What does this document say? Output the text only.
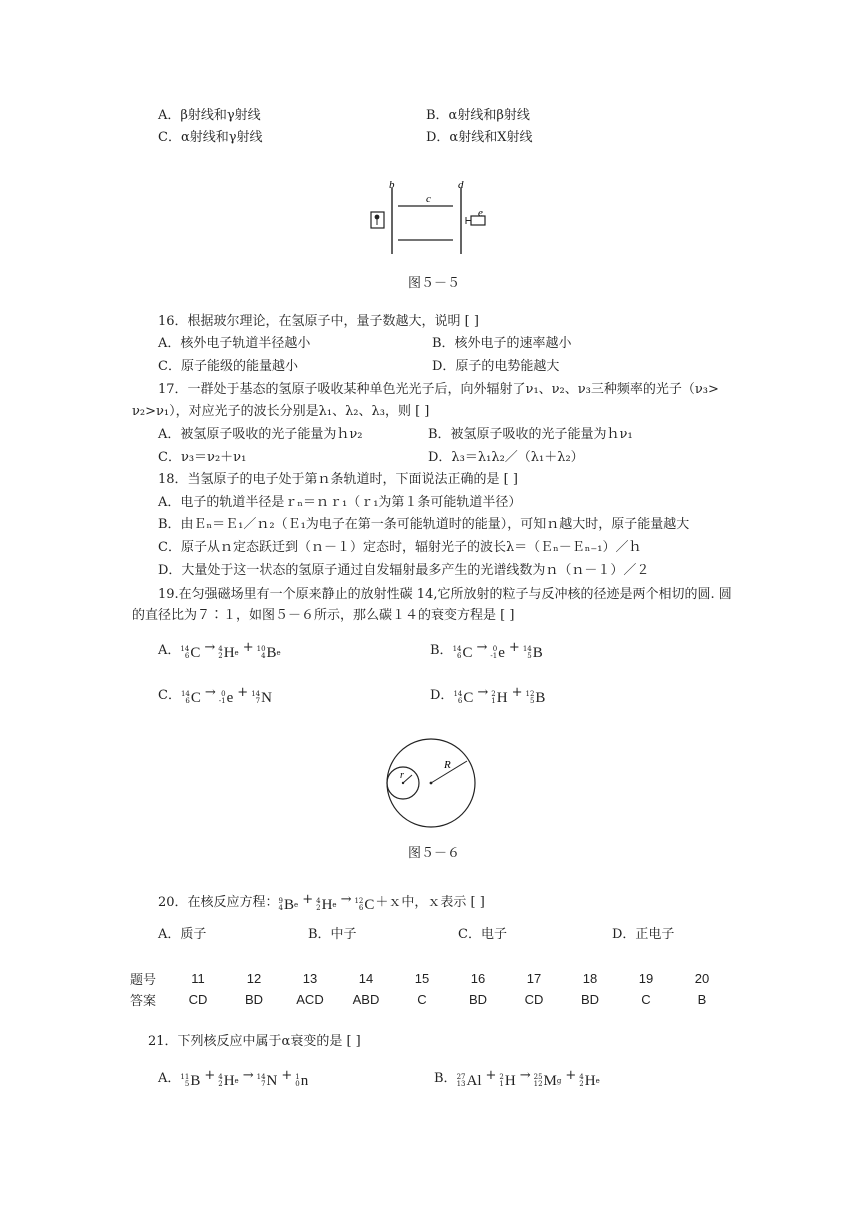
A．β射线和γ射线	B．α射线和β射线
C．α射线和γ射线	D．α射线和X射线
b
c
d
e
图５－５
16．根据玻尔理论，在氢原子中，量子数越大，说明 [ ]
A．核外电子轨道半径越小	B．核外电子的速率越小
C．原子能级的能量越小	D．原子的电势能越大
17．一群处于基态的氢原子吸收某种单色光光子后，向外辐射了ν₁、ν₂、ν₃三种频率的光子（ν₃>
ν₂>ν₁），对应光子的波长分别是λ₁、λ₂、λ₃，则 [ ]
A．被氢原子吸收的光子能量为ｈν₂	B．被氢原子吸收的光子能量为ｈν₁
C．ν₃＝ν₂＋ν₁	D．λ₃＝λ₁λ₂／（λ₁＋λ₂）
18．当氢原子的电子处于第ｎ条轨道时，下面说法正确的是 [ ]
A．电子的轨道半径是ｒₙ＝ｎｒ₁（ｒ₁为第１条可能轨道半径）
B．由Ｅₙ＝Ｅ₁／ｎ₂（Ｅ₁为电子在第一条可能轨道时的能量），可知ｎ越大时，原子能量越大
C．原子从ｎ定态跃迁到（ｎ－１）定态时，辐射光子的波长λ＝（Ｅₙ－Ｅₙ₋₁）／ｈ
D．大量处于这一状态的氢原子通过自发辐射最多产生的光谱线数为ｎ（ｎ－１）／２
19.在匀强磁场里有一个原来静止的放射性碳 14,它所放射的粒子与反冲核的径迹是两个相切的圆. 圆
的直径比为７∶１，如图５－６所示，那么碳１４的衰变方程是 [ ]
A． 14
6 C → 4
2 H e + 10
4 B e	B． 14
6 C → 0
-1 e + 14
5 B
C． 14
6 C → 0
-1 e + 14
7 N	D． 14
6 C → 2
1 H + 12
5 B
r
R
图５－６
20．在核反应方程： 9
4 B e + 4
2 H e → 12
6 C ＋ｘ中，ｘ表示 [ ]
A．质子	B．中子	C．电子	D．正电子
题号	11	12	13	14	15	16	17	18	19	20
答案	CD	BD	ACD	ABD	C	BD	CD	BD	C	B
21．下列核反应中属于α衰变的是 [ ]
A． 11
5 B + 4
2 H e → 14
7 N + 1
0 n	B． 27
13 Al + 2
1 H → 25
12 M g + 4
2 H e
